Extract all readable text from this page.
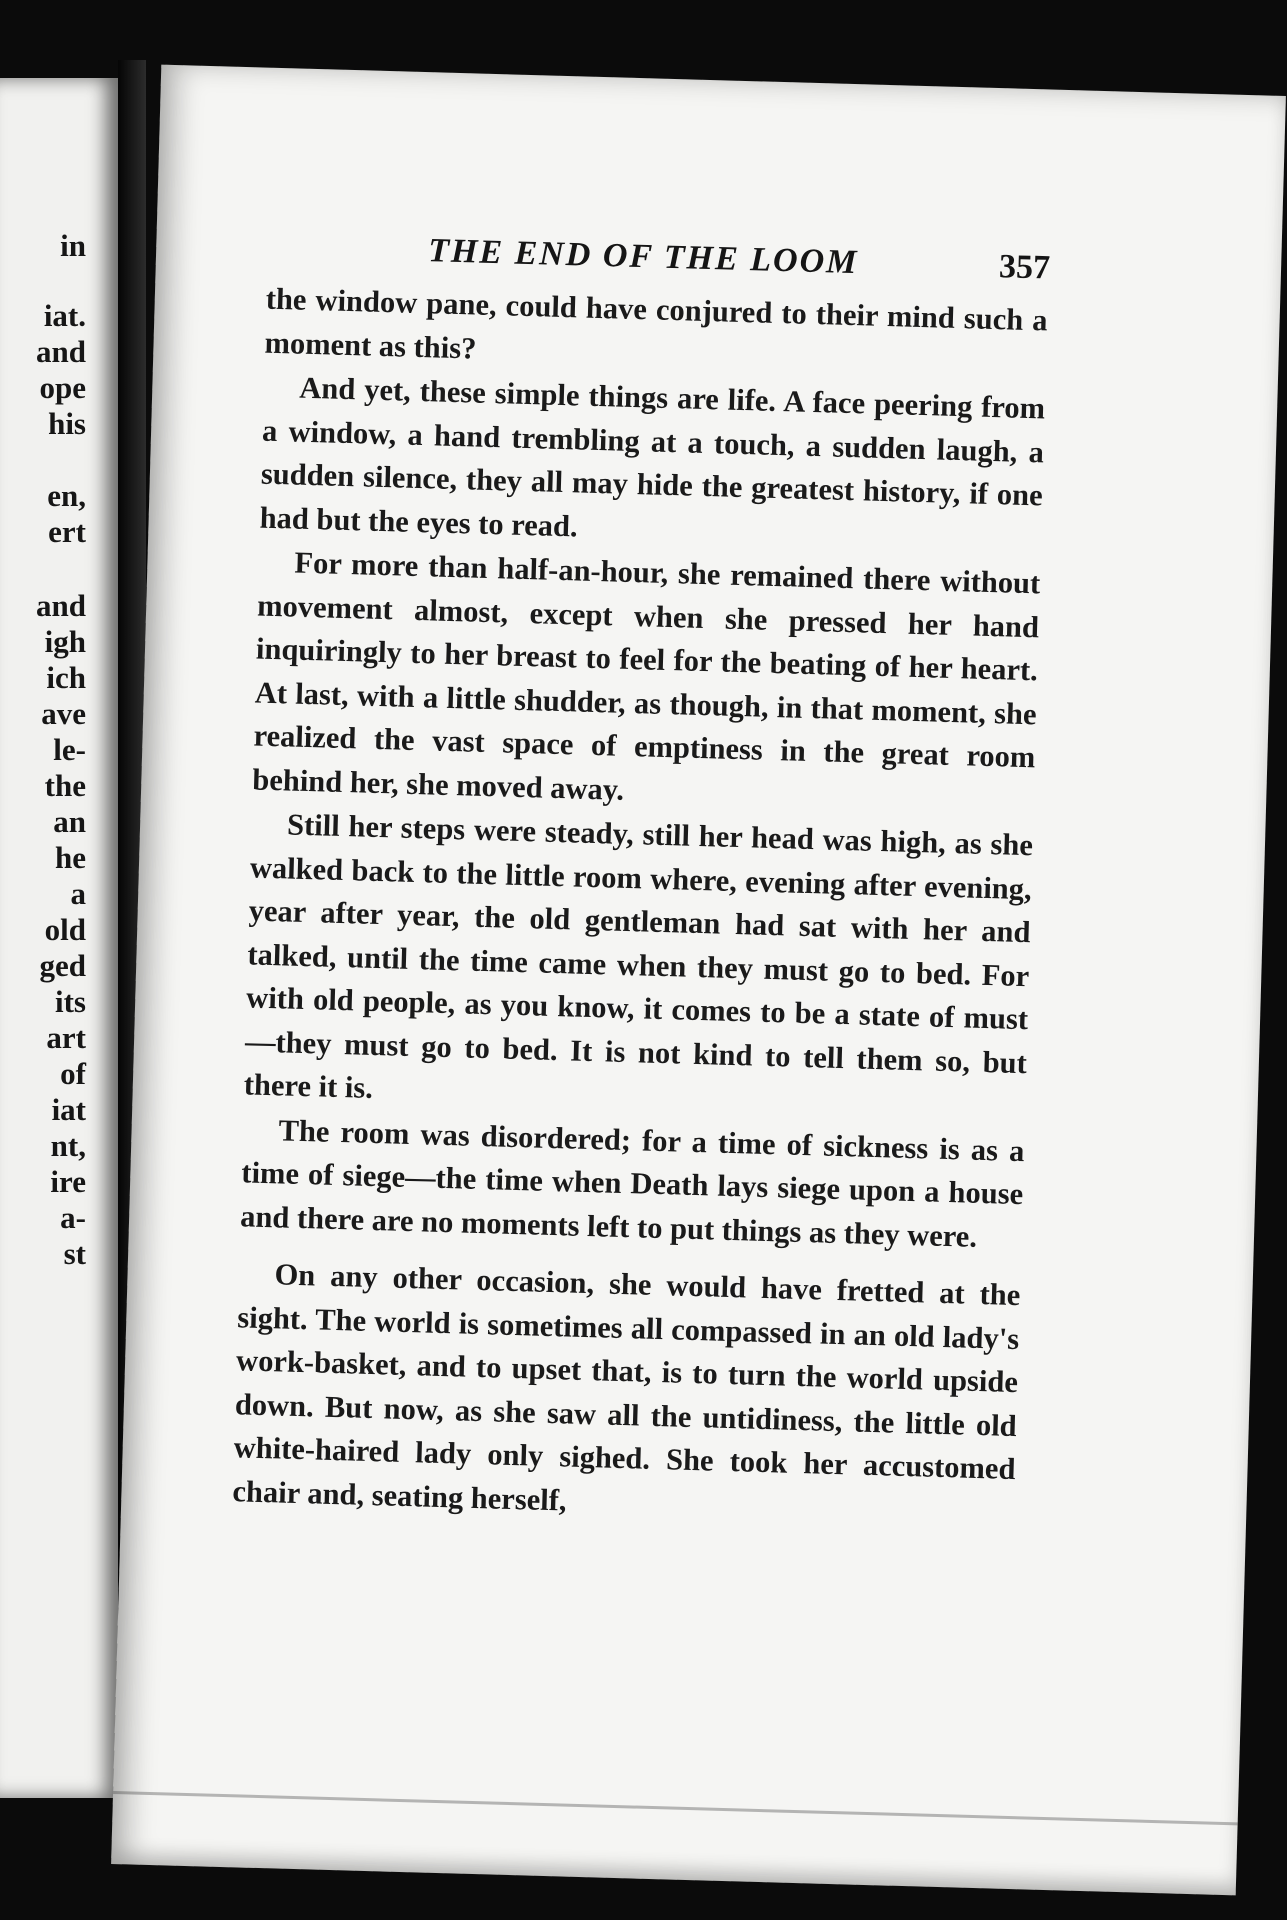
in
iat.
and
ope
his
en,
ert
and
igh
ich
ave
le-
the
an
he
a
old
ged
its
art
of
iat
nt,
ire
a-
st
THE END OF THE LOOM	357

the window pane, could have conjured to their mind such a moment as this?

And yet, these simple things are life. A face peering from a window, a hand trembling at a touch, a sudden laugh, a sudden silence, they all may hide the greatest history, if one had but the eyes to read.

For more than half-an-hour, she remained there without movement almost, except when she pressed her hand inquiringly to her breast to feel for the beating of her heart. At last, with a little shudder, as though, in that moment, she realized the vast space of emptiness in the great room behind her, she moved away.

Still her steps were steady, still her head was high, as she walked back to the little room where, evening after evening, year after year, the old gentleman had sat with her and talked, until the time came when they must go to bed. For with old people, as you know, it comes to be a state of must—they must go to bed. It is not kind to tell them so, but there it is.

The room was disordered; for a time of sickness is as a time of siege—the time when Death lays siege upon a house and there are no moments left to put things as they were.

On any other occasion, she would have fretted at the sight. The world is sometimes all compassed in an old lady's work-basket, and to upset that, is to turn the world upside down. But now, as she saw all the untidiness, the little old white-haired lady only sighed. She took her accustomed chair and, seating herself,
